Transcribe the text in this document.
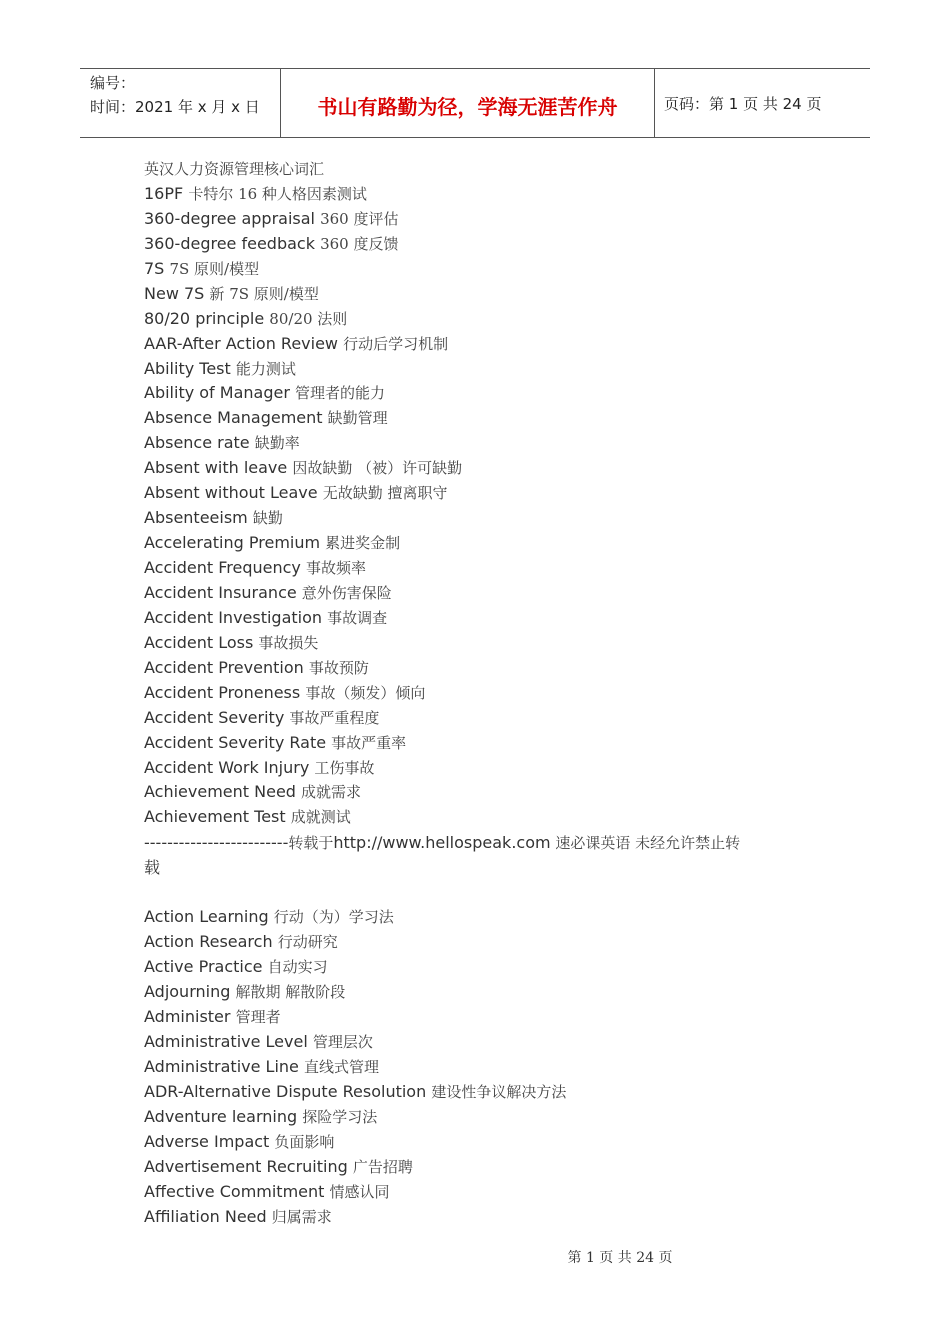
编号：
时间：2021 年 x 月 x 日	书山有路勤为径，学海无涯苦作舟	页码：第 1 页 共 24 页
英汉人力资源管理核心词汇
16PF 卡特尔 16 种人格因素测试
360-degree appraisal 360 度评估
360-degree feedback 360 度反馈
7S 7S 原则/模型
New 7S 新 7S 原则/模型
80/20 principle 80/20 法则
AAR-After Action Review 行动后学习机制
Ability Test 能力测试
Ability of Manager 管理者的能力
Absence Management 缺勤管理
Absence rate 缺勤率
Absent with leave 因故缺勤 （被）许可缺勤
Absent without Leave 无故缺勤 擅离职守
Absenteeism 缺勤
Accelerating Premium 累进奖金制
Accident Frequency 事故频率
Accident Insurance 意外伤害保险
Accident Investigation 事故调查
Accident Loss 事故损失
Accident Prevention 事故预防
Accident Proneness 事故（频发）倾向
Accident Severity 事故严重程度
Accident Severity Rate 事故严重率
Accident Work Injury 工伤事故
Achievement Need 成就需求
Achievement Test 成就测试
-------------------------转载于http://www.hellospeak.com 速必课英语 未经允许禁止转
载
Action Learning 行动（为）学习法
Action Research 行动研究
Active Practice 自动实习
Adjourning 解散期 解散阶段
Administer 管理者
Administrative Level 管理层次
Administrative Line 直线式管理
ADR-Alternative Dispute Resolution 建设性争议解决方法
Adventure learning 探险学习法
Adverse Impact 负面影响
Advertisement Recruiting 广告招聘
Affective Commitment 情感认同
Affiliation Need 归属需求
第 1 页 共 24 页
